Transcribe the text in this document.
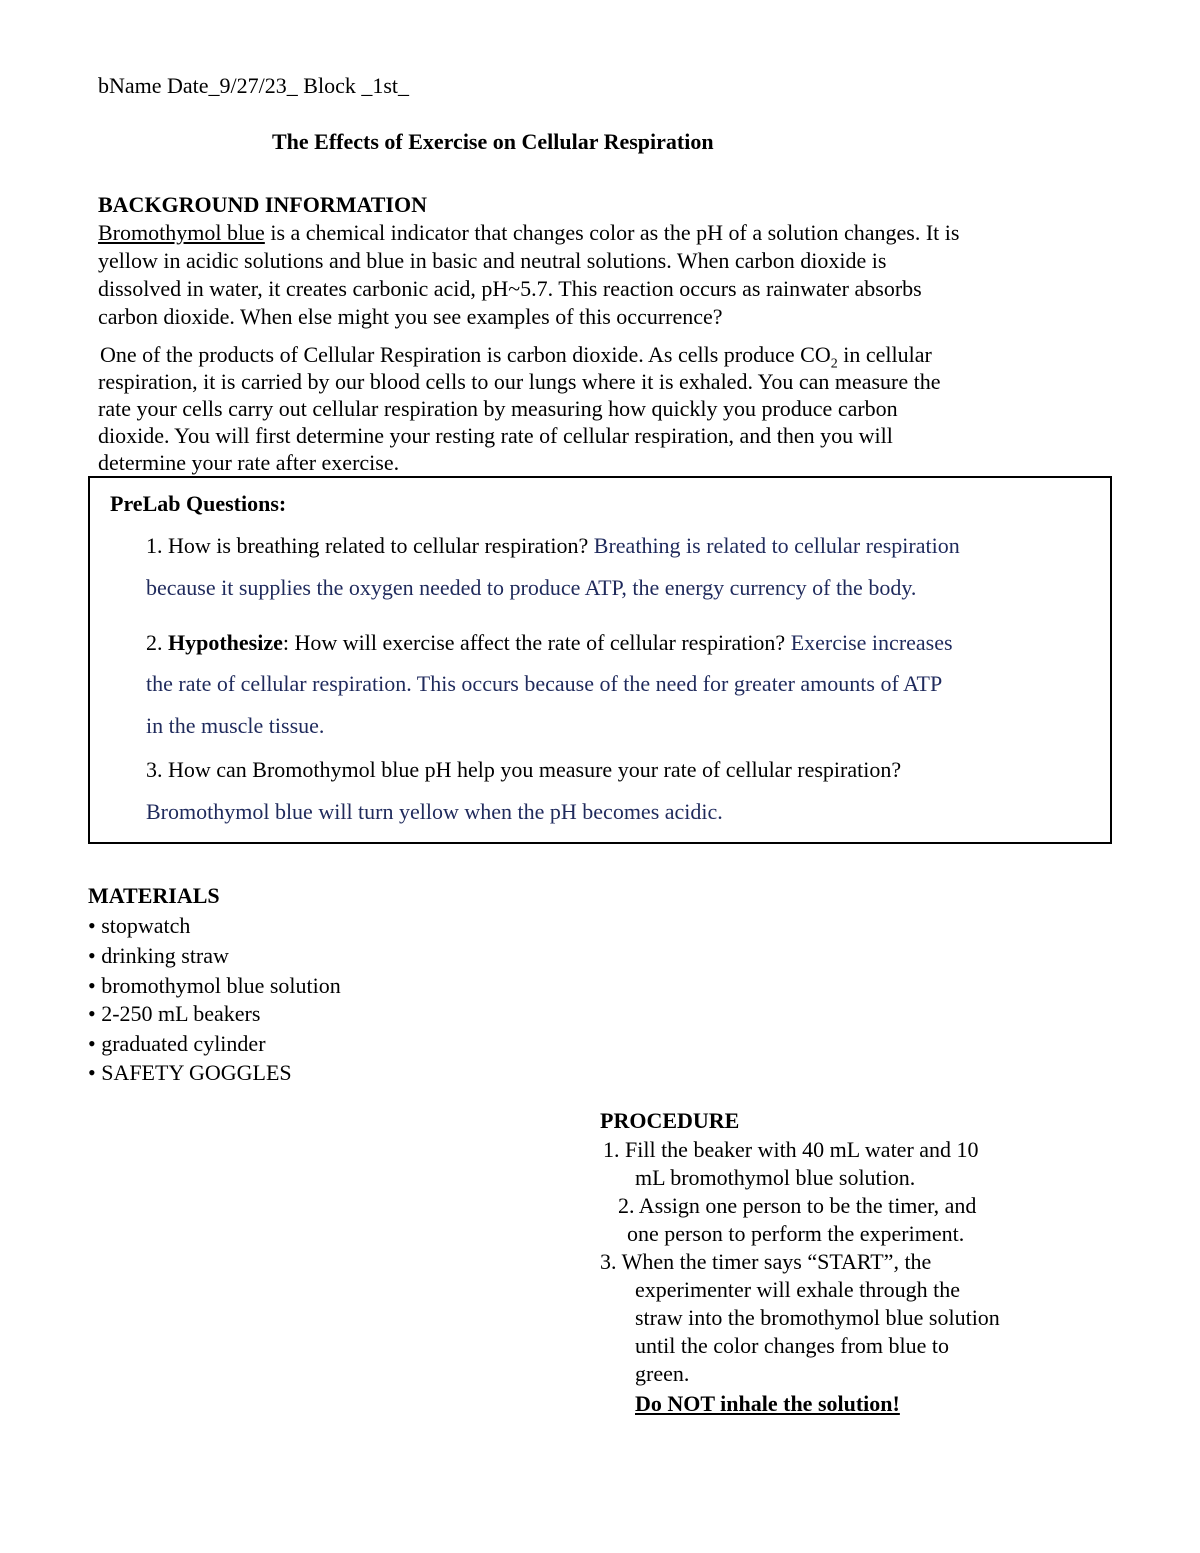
bName Date_9/27/23_ Block _1st_
The Effects of Exercise on Cellular Respiration
BACKGROUND INFORMATION
Bromothymol blue is a chemical indicator that changes color as the pH of a solution changes. It is
yellow in acidic solutions and blue in basic and neutral solutions. When carbon dioxide is
dissolved in water, it creates carbonic acid, pH~5.7. This reaction occurs as rainwater absorbs
carbon dioxide. When else might you see examples of this occurrence?
One of the products of Cellular Respiration is carbon dioxide. As cells produce $CO_2$ in cellular
respiration, it is carried by our blood cells to our lungs where it is exhaled. You can measure the
rate your cells carry out cellular respiration by measuring how quickly you produce carbon
dioxide. You will first determine your resting rate of cellular respiration, and then you will
determine your rate after exercise.
PreLab Questions:
1. How is breathing related to cellular respiration? Breathing is related to cellular respiration
because it supplies the oxygen needed to produce ATP, the energy currency of the body.
2. Hypothesize: How will exercise affect the rate of cellular respiration? Exercise increases
the rate of cellular respiration. This occurs because of the need for greater amounts of ATP
in the muscle tissue.
3. How can Bromothymol blue pH help you measure your rate of cellular respiration?
Bromothymol blue will turn yellow when the pH becomes acidic.
MATERIALS
• stopwatch
• drinking straw
• bromothymol blue solution
• 2-250 mL beakers
• graduated cylinder
• SAFETY GOGGLES
PROCEDURE
1. Fill the beaker with 40 mL water and 10
mL bromothymol blue solution.
2. Assign one person to be the timer, and
one person to perform the experiment.
3. When the timer says “START”, the
experimenter will exhale through the
straw into the bromothymol blue solution
until the color changes from blue to
green.
Do NOT inhale the solution!
